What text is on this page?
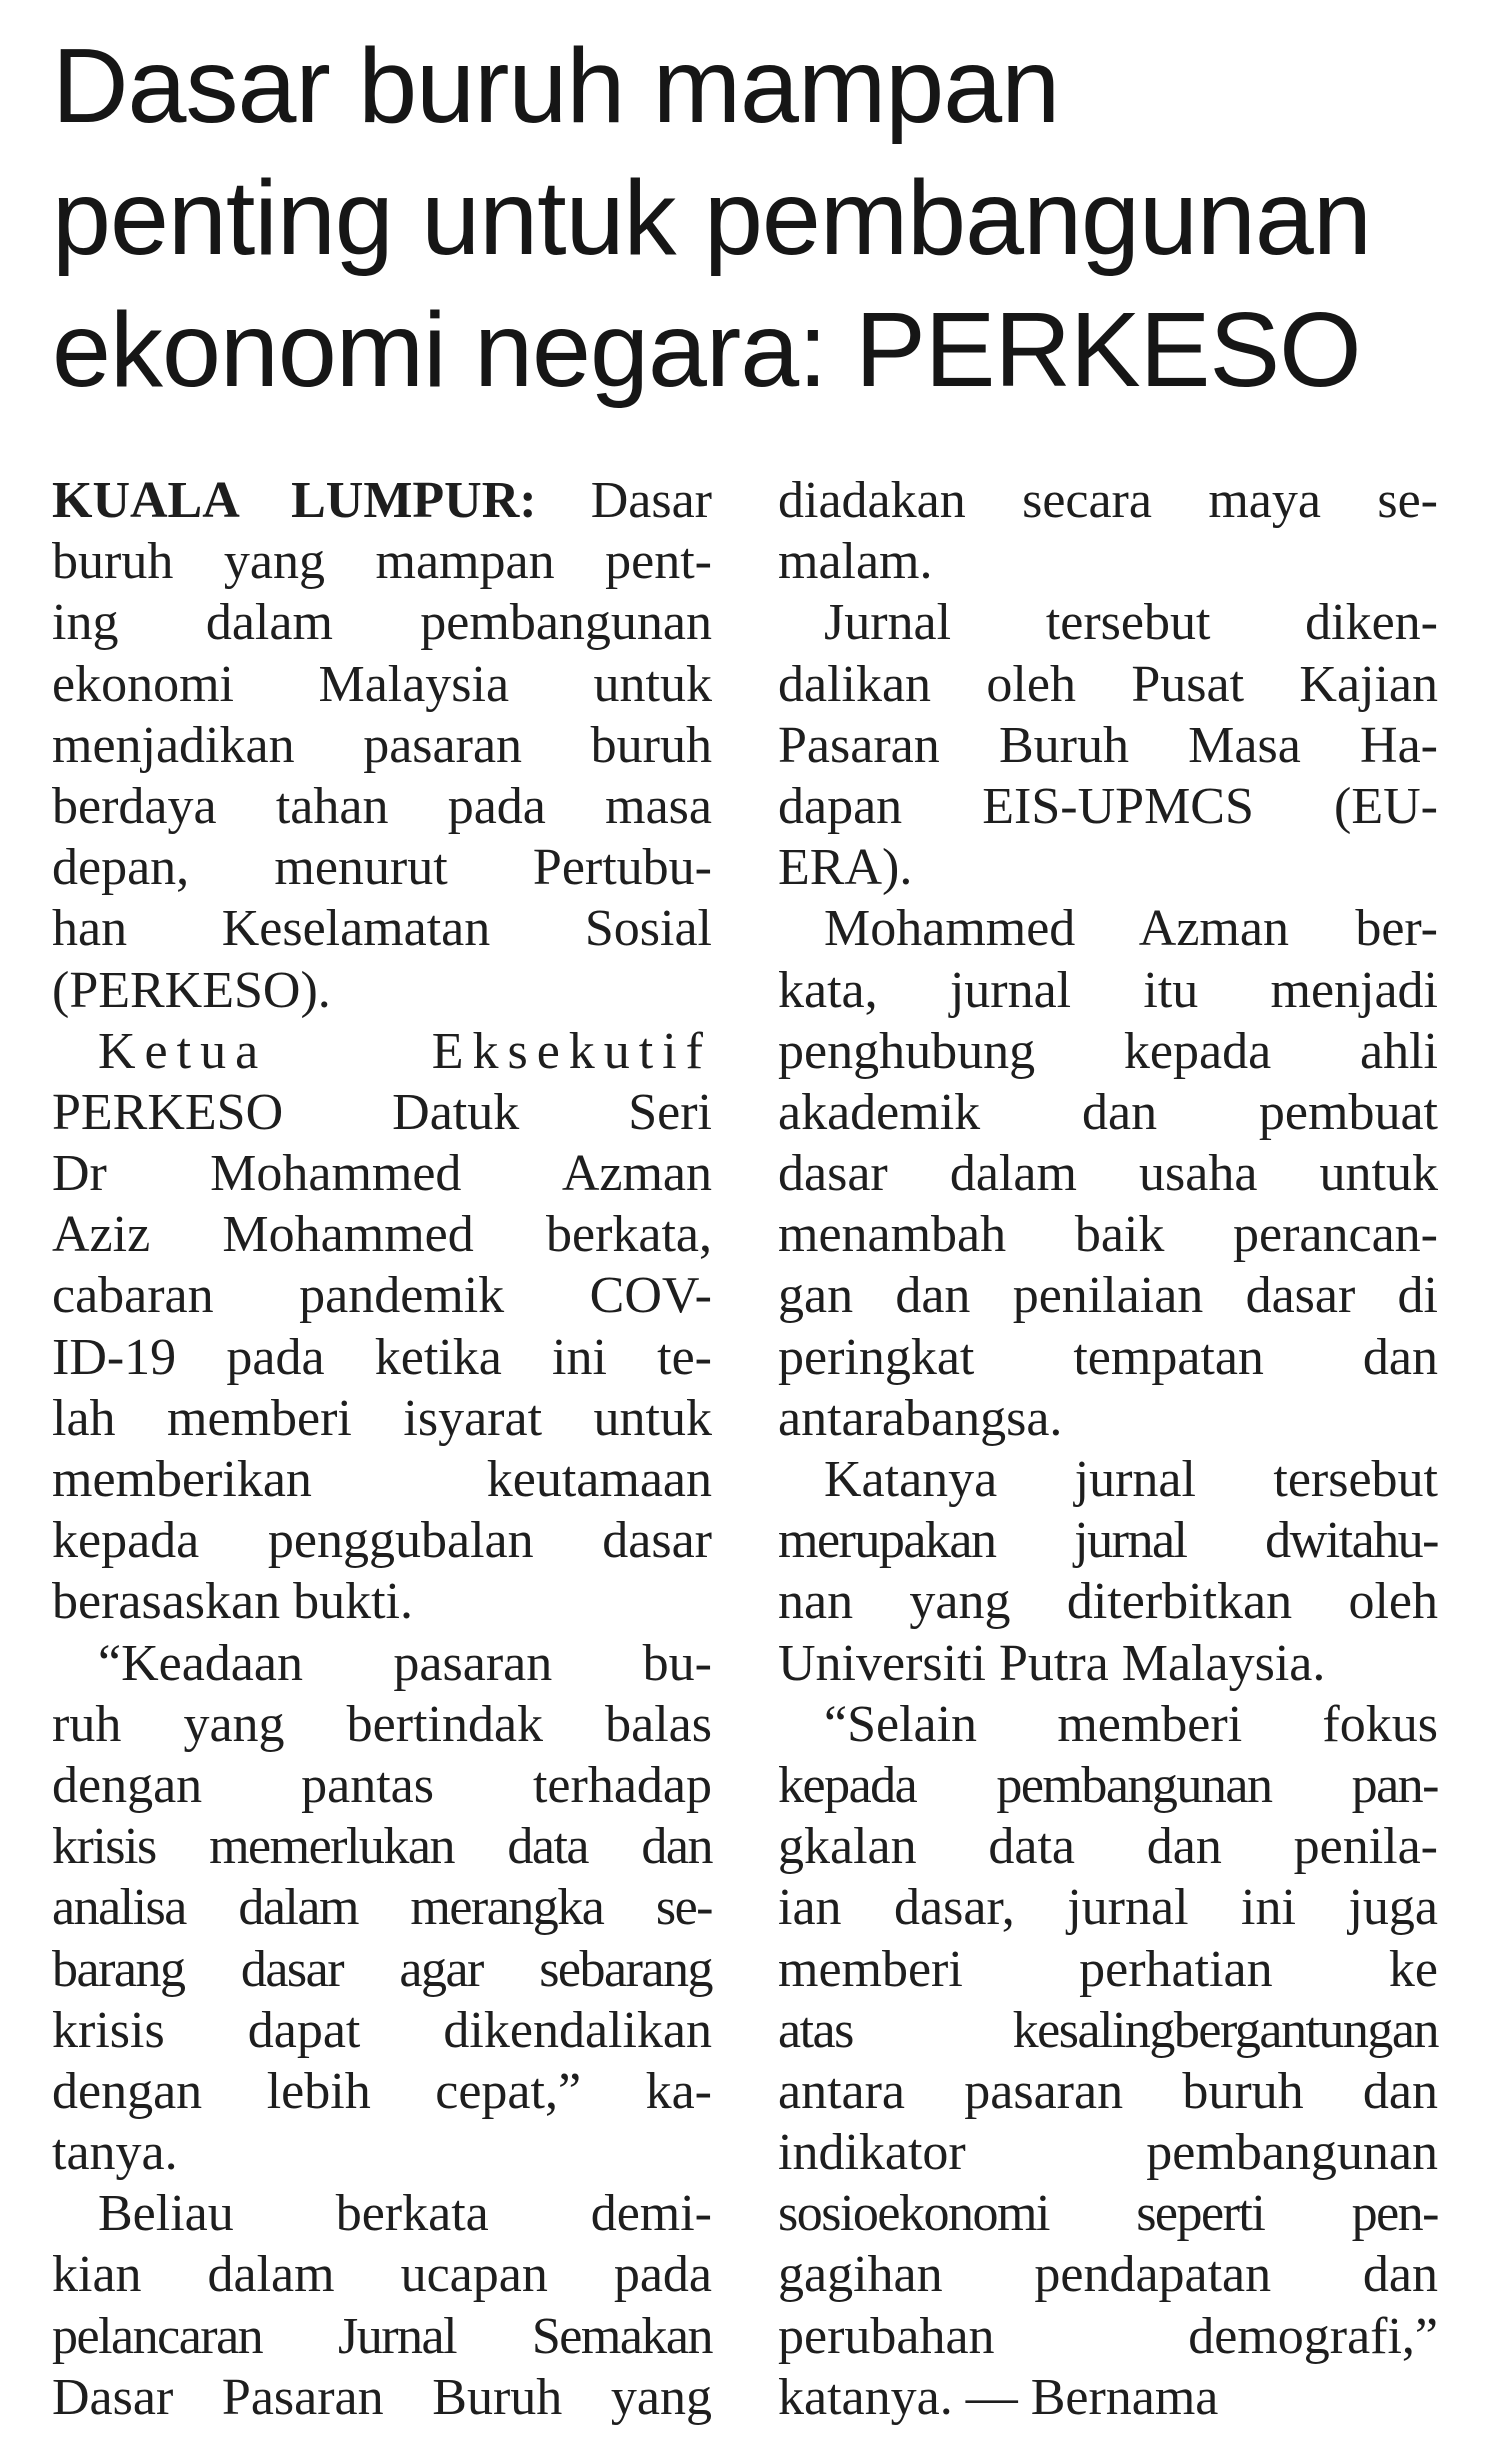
Dasar buruh mampan
penting untuk pembangunan
ekonomi negara: PERKESO
KUALA LUMPUR: Dasar
buruh yang mampan pent-
ing dalam pembangunan
ekonomi Malaysia untuk
menjadikan pasaran buruh
berdaya tahan pada masa
depan, menurut Pertubu-
han Keselamatan Sosial
(PERKESO).
Ketua Eksekutif
PERKESO Datuk Seri
Dr Mohammed Azman
Aziz Mohammed berkata,
cabaran pandemik COV-
ID-19 pada ketika ini te-
lah memberi isyarat untuk
memberikan keutamaan
kepada penggubalan dasar
berasaskan bukti.
“Keadaan pasaran bu-
ruh yang bertindak balas
dengan pantas terhadap
krisis memerlukan data dan
analisa dalam merangka se-
barang dasar agar sebarang
krisis dapat dikendalikan
dengan lebih cepat,” ka-
tanya.
Beliau berkata demi-
kian dalam ucapan pada
pelancaran Jurnal Semakan
Dasar Pasaran Buruh yang
diadakan secara maya se-
malam.
Jurnal tersebut diken-
dalikan oleh Pusat Kajian
Pasaran Buruh Masa Ha-
dapan EIS-UPMCS (EU-
ERA).
Mohammed Azman ber-
kata, jurnal itu menjadi
penghubung kepada ahli
akademik dan pembuat
dasar dalam usaha untuk
menambah baik perancan-
gan dan penilaian dasar di
peringkat tempatan dan
antarabangsa.
Katanya jurnal tersebut
merupakan jurnal dwitahu-
nan yang diterbitkan oleh
Universiti Putra Malaysia.
“Selain memberi fokus
kepada pembangunan pan-
gkalan data dan penila-
ian dasar, jurnal ini juga
memberi perhatian ke
atas kesalingbergantungan
antara pasaran buruh dan
indikator pembangunan
sosioekonomi seperti pen-
gagihan pendapatan dan
perubahan demografi,”
katanya. — Bernama
